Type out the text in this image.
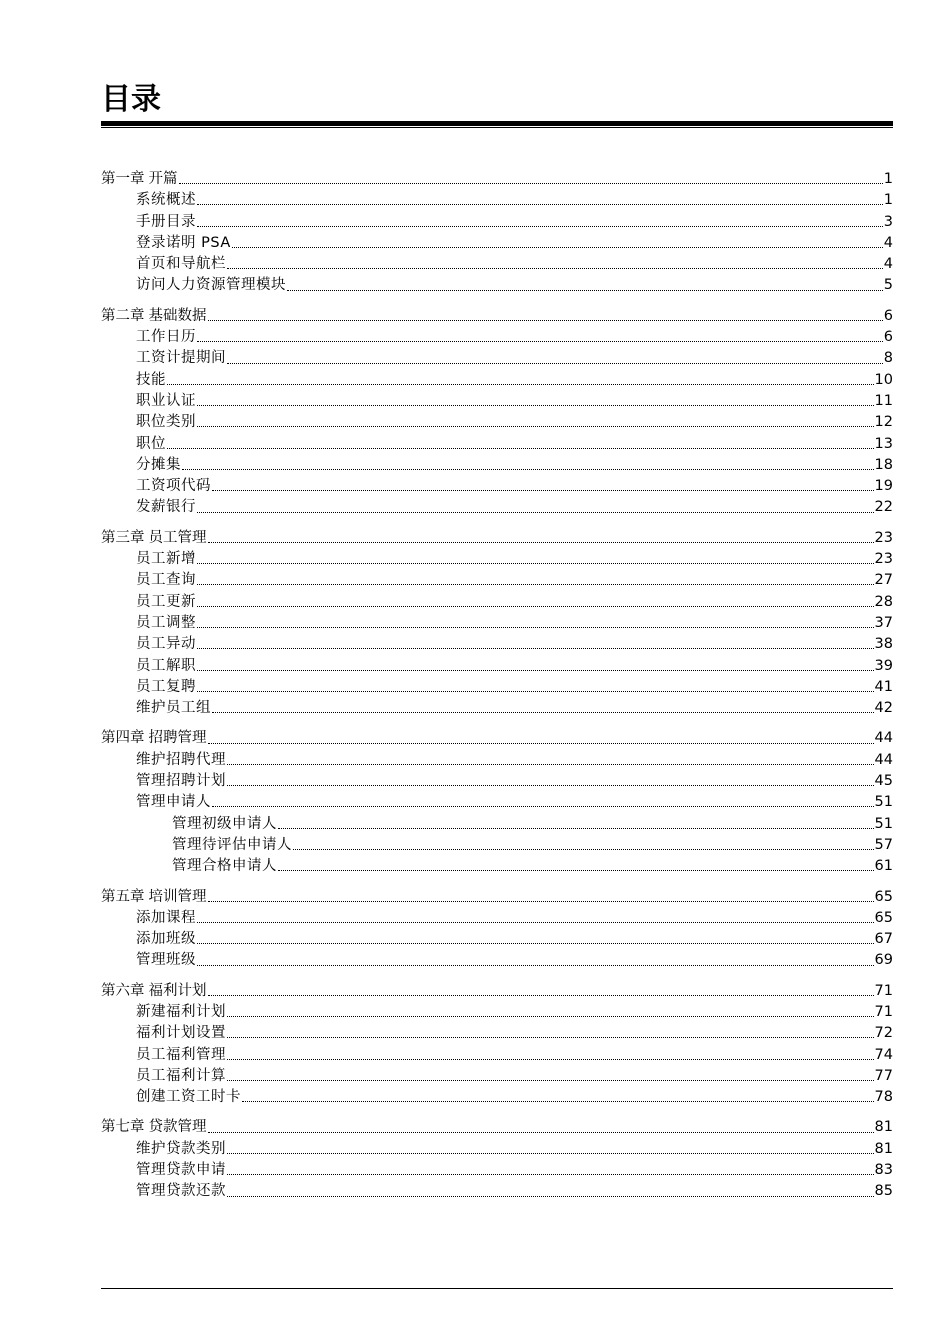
目录
第一章 开篇	1
系统概述	1
手册目录	3
登录诺明 PSA	4
首页和导航栏	4
访问人力资源管理模块	5
第二章 基础数据	6
工作日历	6
工资计提期间	8
技能	10
职业认证	11
职位类别	12
职位	13
分摊集	18
工资项代码	19
发薪银行	22
第三章 员工管理	23
员工新增	23
员工查询	27
员工更新	28
员工调整	37
员工异动	38
员工解职	39
员工复聘	41
维护员工组	42
第四章 招聘管理	44
维护招聘代理	44
管理招聘计划	45
管理申请人	51
管理初级申请人	51
管理待评估申请人	57
管理合格申请人	61
第五章 培训管理	65
添加课程	65
添加班级	67
管理班级	69
第六章 福利计划	71
新建福利计划	71
福利计划设置	72
员工福利管理	74
员工福利计算	77
创建工资工时卡	78
第七章 贷款管理	81
维护贷款类别	81
管理贷款申请	83
管理贷款还款	85
